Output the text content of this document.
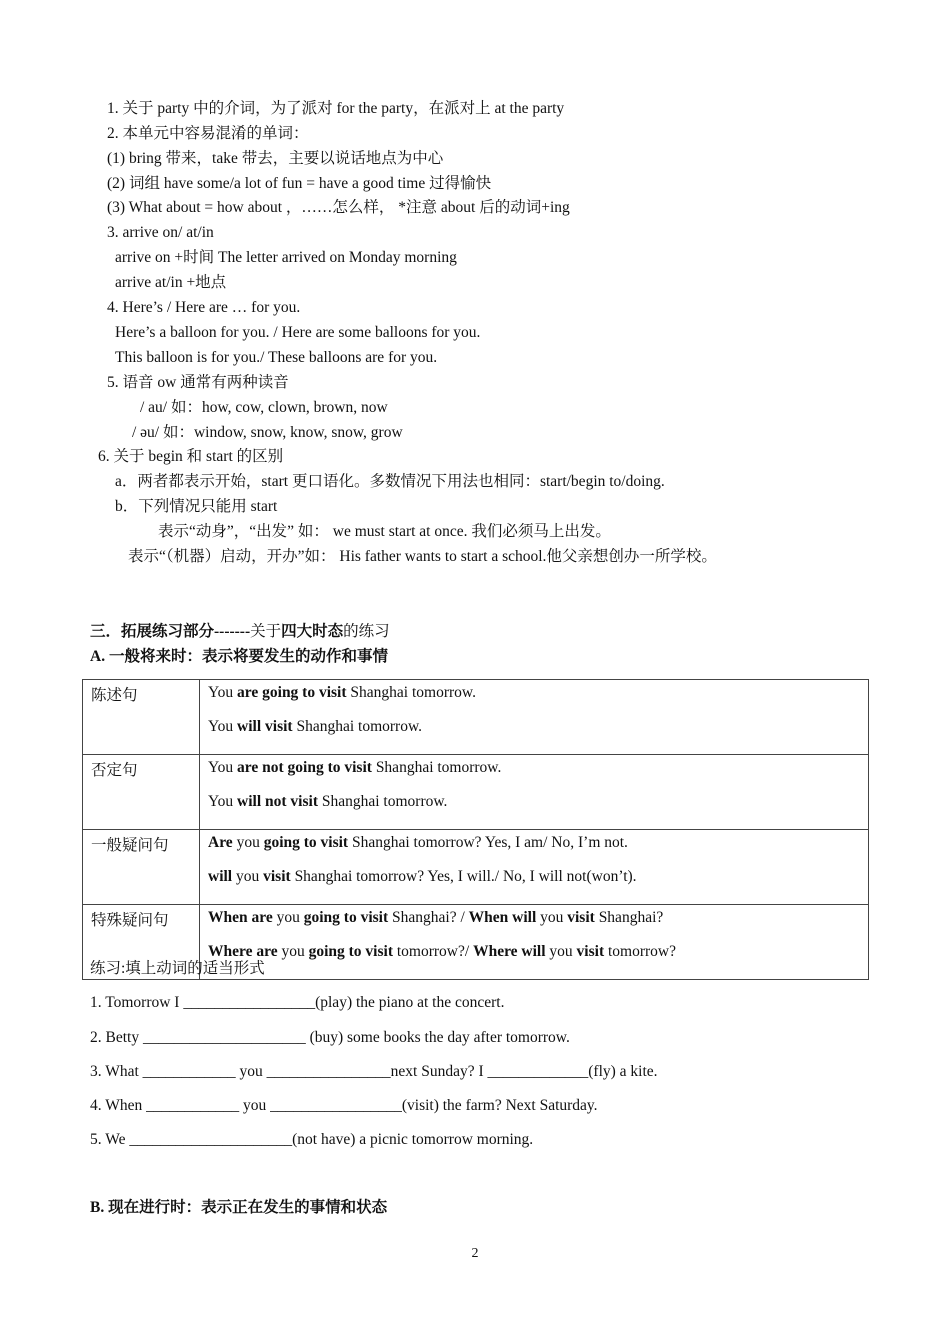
1. 关于 party 中的介词，为了派对 for the party，在派对上 at the party
2. 本单元中容易混淆的单词：
(1) bring 带来，take 带去，主要以说话地点为中心
(2) 词组 have some/a lot of fun = have a good time 过得愉快
(3) What about = how about ，……怎么样， *注意 about 后的动词+ing
3. arrive on/ at/in
arrive on +时间 The letter arrived on Monday morning
arrive at/in +地点
4. Here’s / Here are … for you.
Here’s a balloon for you. / Here are some balloons for you.
This balloon is for you./ These balloons are for you.
5. 语音 ow 通常有两种读音
/ au/ 如：how, cow, clown, brown, now
/ əu/ 如：window, snow, know, snow, grow
6. 关于 begin 和 start 的区别
a．两者都表示开始，start 更口语化。多数情况下用法也相同：start/begin to/doing.
b．下列情况只能用 start
表示“动身”，“出发” 如： we must start at once. 我们必须马上出发。
表示“（机器）启动，开办”如： His father wants to start a school.他父亲想创办一所学校。
三．拓展练习部分-------关于四大时态的练习
A. 一般将来时：表示将要发生的动作和事情
陈述句	You are going to visit Shanghai tomorrow.
You will visit Shanghai tomorrow.

否定句	You are not going to visit Shanghai tomorrow.
You will not visit Shanghai tomorrow.

一般疑问句	Are you going to visit Shanghai tomorrow? Yes, I am/ No, I’m not.
will you visit Shanghai tomorrow? Yes, I will./ No, I will not(won’t).

特殊疑问句	When are you going to visit Shanghai? / When will you visit Shanghai?
Where are you going to visit tomorrow?/ Where will you visit tomorrow?
练习:填上动词的适当形式
1. Tomorrow I _________________(play) the piano at the concert.
2. Betty _____________________ (buy) some books the day after tomorrow.
3. What ____________ you ________________next Sunday? I _____________(fly) a kite.
4. When ____________ you _________________(visit) the farm? Next Saturday.
5. We _____________________(not have) a picnic tomorrow morning.
B. 现在进行时：表示正在发生的事情和状态
2
